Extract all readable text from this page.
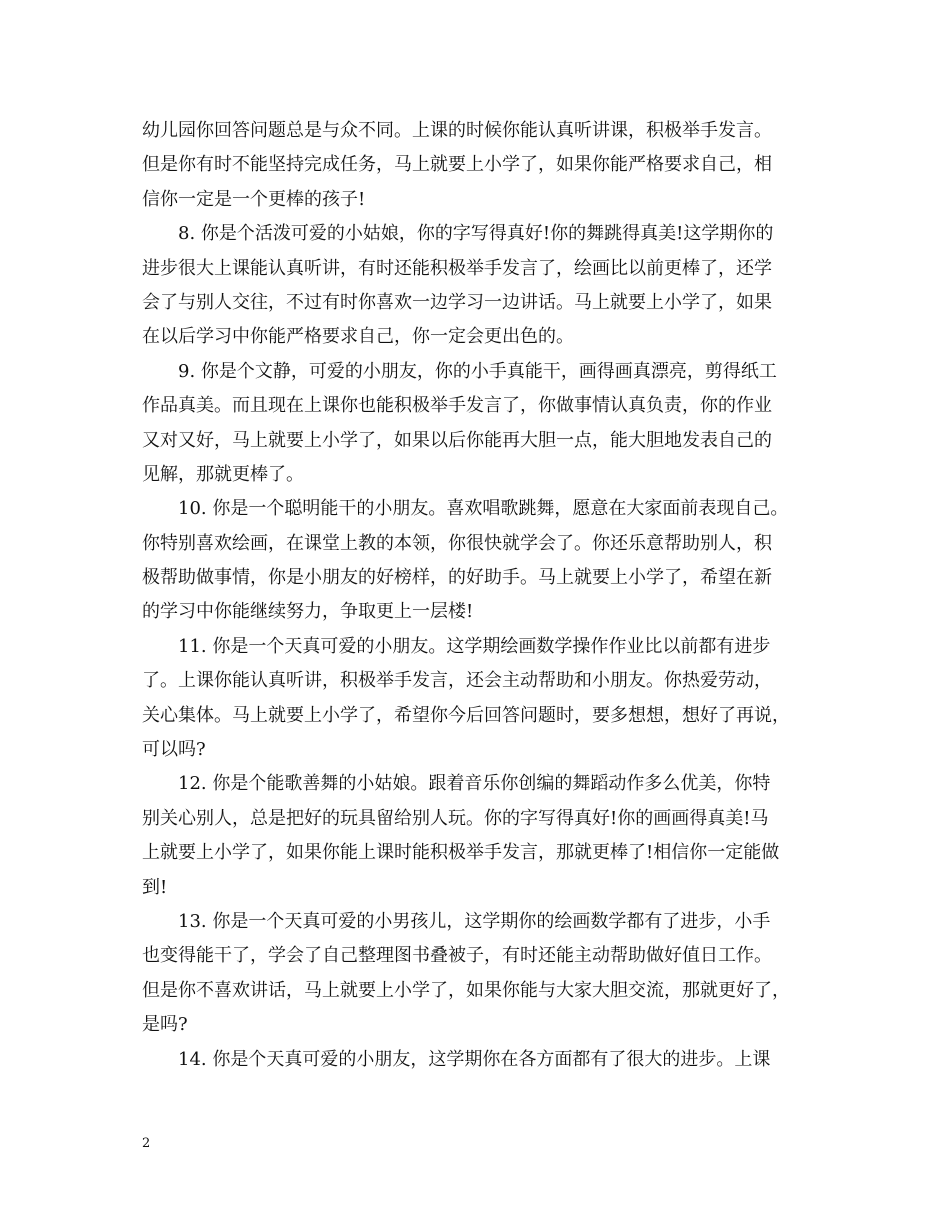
幼儿园你回答问题总是与众不同。上课的时候你能认真听讲课，积极举手发言。
但是你有时不能坚持完成任务，马上就要上小学了，如果你能严格要求自己，相
信你一定是一个更棒的孩子!
8. 你是个活泼可爱的小姑娘，你的字写得真好!你的舞跳得真美!这学期你的
进步很大上课能认真听讲，有时还能积极举手发言了，绘画比以前更棒了，还学
会了与别人交往，不过有时你喜欢一边学习一边讲话。马上就要上小学了，如果
在以后学习中你能严格要求自己，你一定会更出色的。
9. 你是个文静，可爱的小朋友，你的小手真能干，画得画真漂亮，剪得纸工
作品真美。而且现在上课你也能积极举手发言了，你做事情认真负责，你的作业
又对又好，马上就要上小学了，如果以后你能再大胆一点，能大胆地发表自己的
见解，那就更棒了。
10. 你是一个聪明能干的小朋友。喜欢唱歌跳舞，愿意在大家面前表现自己。
你特别喜欢绘画，在课堂上教的本领，你很快就学会了。你还乐意帮助别人，积
极帮助做事情，你是小朋友的好榜样，的好助手。马上就要上小学了，希望在新
的学习中你能继续努力，争取更上一层楼!
11. 你是一个天真可爱的小朋友。这学期绘画数学操作作业比以前都有进步
了。上课你能认真听讲，积极举手发言，还会主动帮助和小朋友。你热爱劳动，
关心集体。马上就要上小学了，希望你今后回答问题时，要多想想，想好了再说，
可以吗?
12. 你是个能歌善舞的小姑娘。跟着音乐你创编的舞蹈动作多么优美，你特
别关心别人，总是把好的玩具留给别人玩。你的字写得真好!你的画画得真美!马
上就要上小学了，如果你能上课时能积极举手发言，那就更棒了!相信你一定能做
到!
13. 你是一个天真可爱的小男孩儿，这学期你的绘画数学都有了进步，小手
也变得能干了，学会了自己整理图书叠被子，有时还能主动帮助做好值日工作。
但是你不喜欢讲话，马上就要上小学了，如果你能与大家大胆交流，那就更好了，
是吗?
14. 你是个天真可爱的小朋友，这学期你在各方面都有了很大的进步。上课
2
